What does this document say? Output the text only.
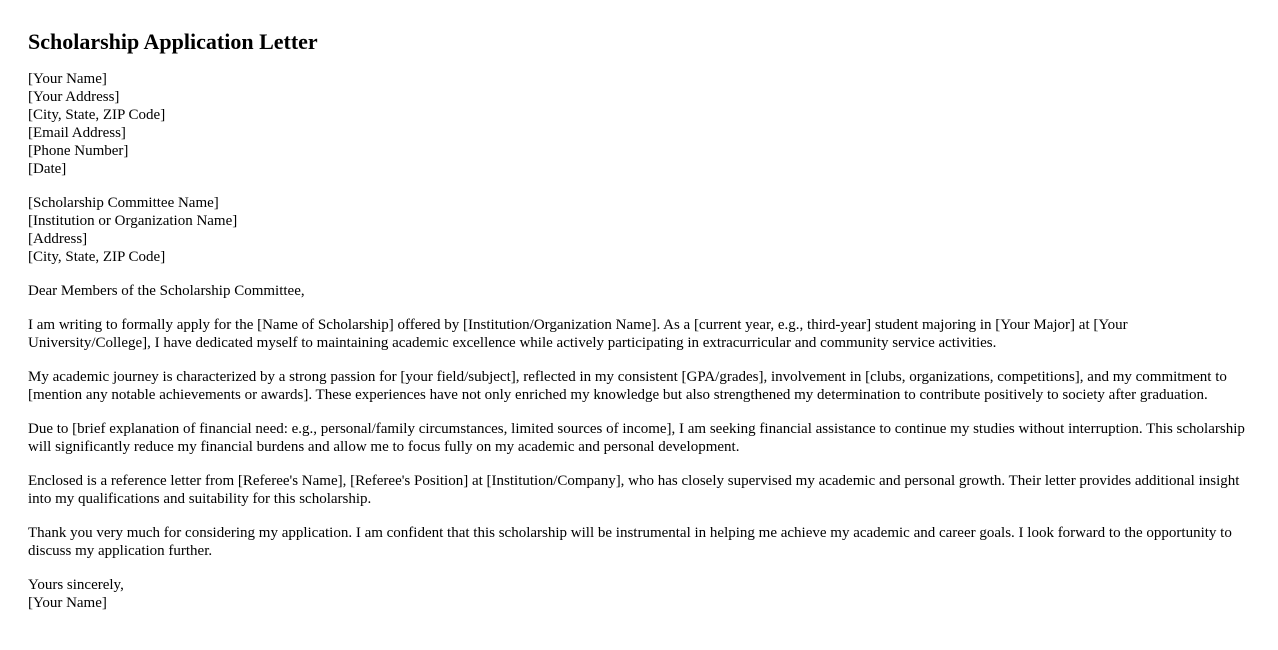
Scholarship Application Letter
[Your Name]
[Your Address]
[City, State, ZIP Code]
[Email Address]
[Phone Number]
[Date]
[Scholarship Committee Name]
[Institution or Organization Name]
[Address]
[City, State, ZIP Code]

Dear Members of the Scholarship Committee,

I am writing to formally apply for the [Name of Scholarship] offered by [Institution/Organization Name]. As a [current year, e.g., third-year] student majoring in [Your Major] at [Your University/College], I have dedicated myself to maintaining academic excellence while actively participating in extracurricular and community service activities.

My academic journey is characterized by a strong passion for [your field/subject], reflected in my consistent [GPA/grades], involvement in [clubs, organizations, competitions], and my commitment to [mention any notable achievements or awards]. These experiences have not only enriched my knowledge but also strengthened my determination to contribute positively to society after graduation.

Due to [brief explanation of financial need: e.g., personal/family circumstances, limited sources of income], I am seeking financial assistance to continue my studies without interruption. This scholarship will significantly reduce my financial burdens and allow me to focus fully on my academic and personal development.

Enclosed is a reference letter from [Referee's Name], [Referee's Position] at [Institution/Company], who has closely supervised my academic and personal growth. Their letter provides additional insight into my qualifications and suitability for this scholarship.

Thank you very much for considering my application. I am confident that this scholarship will be instrumental in helping me achieve my academic and career goals. I look forward to the opportunity to discuss my application further.

Yours sincerely,
[Your Name]
